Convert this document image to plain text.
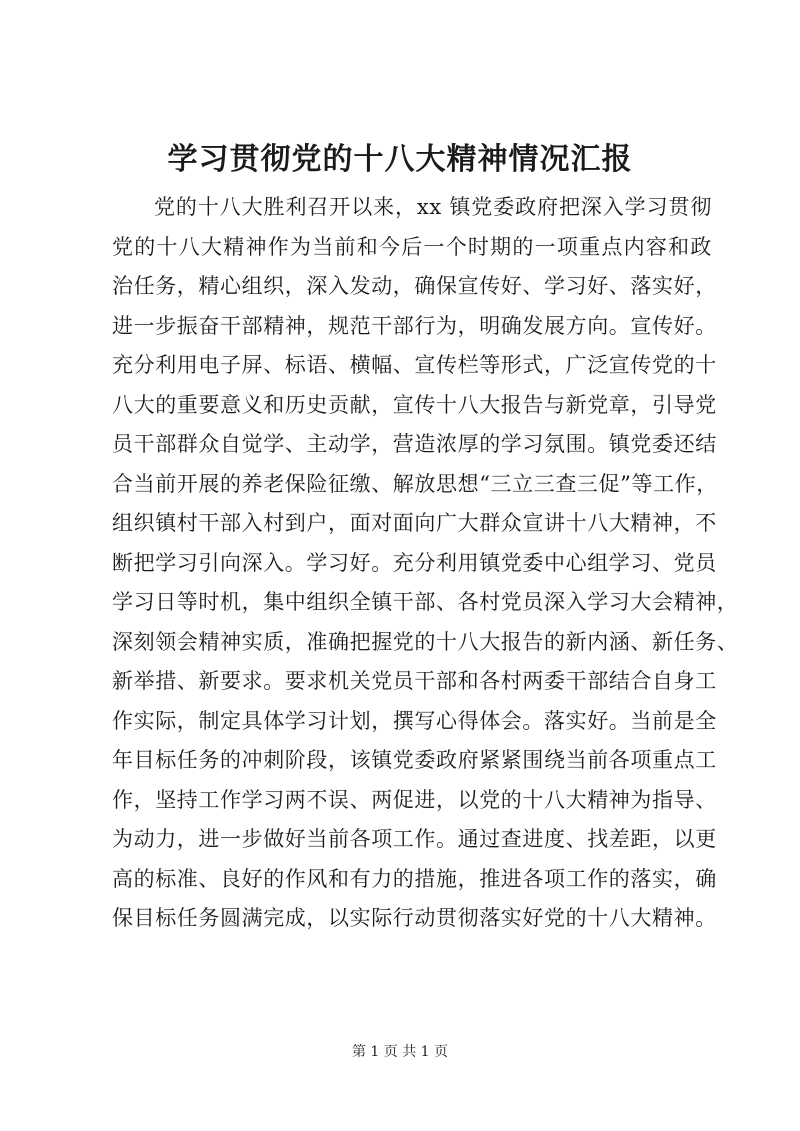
学习贯彻党的十八大精神情况汇报
党的十八大胜利召开以来，xx 镇党委政府把深入学习贯彻
党的十八大精神作为当前和今后一个时期的一项重点内容和政
治任务，精心组织，深入发动，确保宣传好、学习好、落实好，
进一步振奋干部精神，规范干部行为，明确发展方向。宣传好。
充分利用电子屏、标语、横幅、宣传栏等形式，广泛宣传党的十
八大的重要意义和历史贡献，宣传十八大报告与新党章，引导党
员干部群众自觉学、主动学，营造浓厚的学习氛围。镇党委还结
合当前开展的养老保险征缴、解放思想“三立三查三促”等工作，
组织镇村干部入村到户，面对面向广大群众宣讲十八大精神，不
断把学习引向深入。学习好。充分利用镇党委中心组学习、党员
学习日等时机，集中组织全镇干部、各村党员深入学习大会精神，
深刻领会精神实质，准确把握党的十八大报告的新内涵、新任务、
新举措、新要求。要求机关党员干部和各村两委干部结合自身工
作实际，制定具体学习计划，撰写心得体会。落实好。当前是全
年目标任务的冲刺阶段，该镇党委政府紧紧围绕当前各项重点工
作，坚持工作学习两不误、两促进，以党的十八大精神为指导、
为动力，进一步做好当前各项工作。通过查进度、找差距，以更
高的标准、良好的作风和有力的措施，推进各项工作的落实，确
保目标任务圆满完成，以实际行动贯彻落实好党的十八大精神。
第 1 页 共 1 页
